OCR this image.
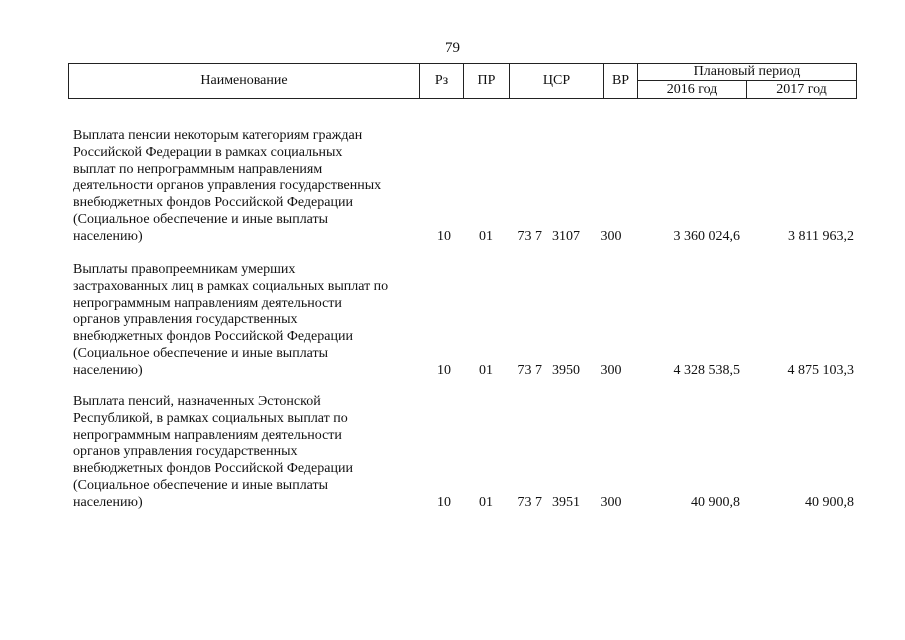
79
Наименование	Рз	ПР	ЦСР	ВР	Плановый период	
					2016 год	2017 год
Выплата пенсии некоторым категориям граждан
Российской Федерации в рамках социальных
выплат по непрограммным направлениям
деятельности органов управления государственных
внебюджетных фондов Российской Федерации
(Социальное обеспечение и иные выплаты
населению)	10	01	73 7 3107	300	3 360 024,6	3 811 963,2
Выплаты правопреемникам умерших
застрахованных лиц в рамках социальных выплат по
непрограммным направлениям деятельности
органов управления государственных
внебюджетных фондов Российской Федерации
(Социальное обеспечение и иные выплаты
населению)	10	01	73 7 3950	300	4 328 538,5	4 875 103,3
Выплата пенсий, назначенных Эстонской
Республикой, в рамках социальных выплат по
непрограммным направлениям деятельности
органов управления государственных
внебюджетных фондов Российской Федерации
(Социальное обеспечение и иные выплаты
населению)	10	01	73 7 3951	300	40 900,8	40 900,8
